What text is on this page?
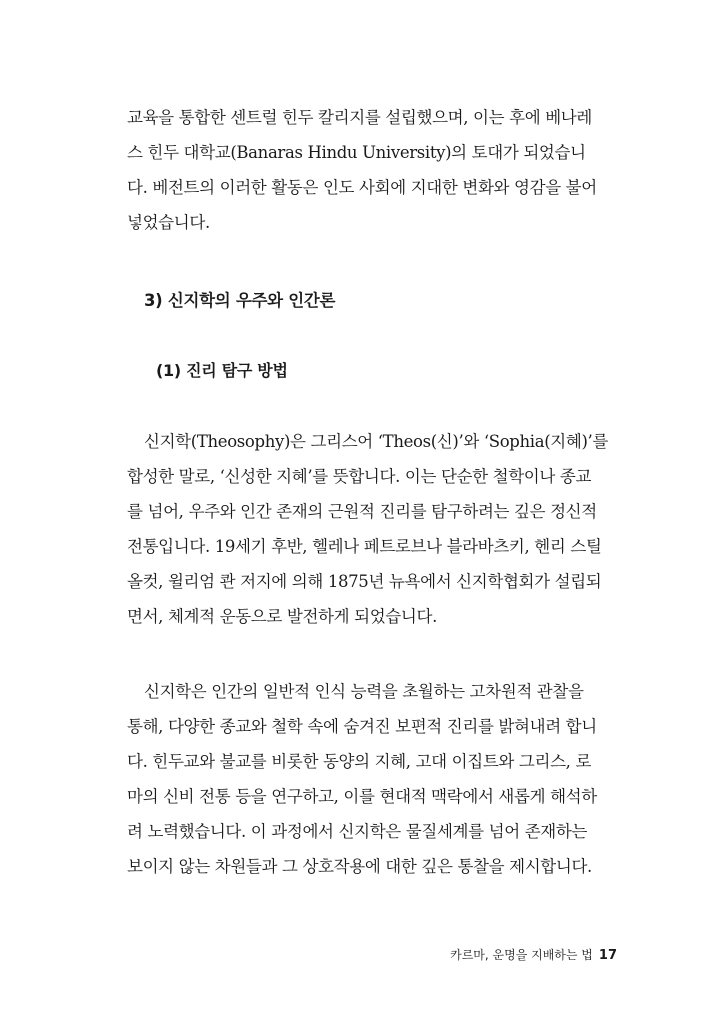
교육을 통합한 센트럴 힌두 칼리지를 설립했으며, 이는 후에 베나레
스 힌두 대학교(Banaras Hindu University)의 토대가 되었습니
다. 베전트의 이러한 활동은 인도 사회에 지대한 변화와 영감을 불어
넣었습니다.
3) 신지학의 우주와 인간론
(1) 진리 탐구 방법
신지학(Theosophy)은 그리스어 ‘Theos(신)’와 ‘Sophia(지혜)’를
합성한 말로, ‘신성한 지혜’를 뜻합니다. 이는 단순한 철학이나 종교
를 넘어, 우주와 인간 존재의 근원적 진리를 탐구하려는 깊은 정신적
전통입니다. 19세기 후반, 헬레나 페트로브나 블라바츠키, 헨리 스틸
올컷, 윌리엄 콴 저지에 의해 1875년 뉴욕에서 신지학협회가 설립되
면서, 체계적 운동으로 발전하게 되었습니다.
신지학은 인간의 일반적 인식 능력을 초월하는 고차원적 관찰을
통해, 다양한 종교와 철학 속에 숨겨진 보편적 진리를 밝혀내려 합니
다. 힌두교와 불교를 비롯한 동양의 지혜, 고대 이집트와 그리스, 로
마의 신비 전통 등을 연구하고, 이를 현대적 맥락에서 새롭게 해석하
려 노력했습니다. 이 과정에서 신지학은 물질세계를 넘어 존재하는
보이지 않는 차원들과 그 상호작용에 대한 깊은 통찰을 제시합니다.
카르마, 운명을 지배하는 법 17
